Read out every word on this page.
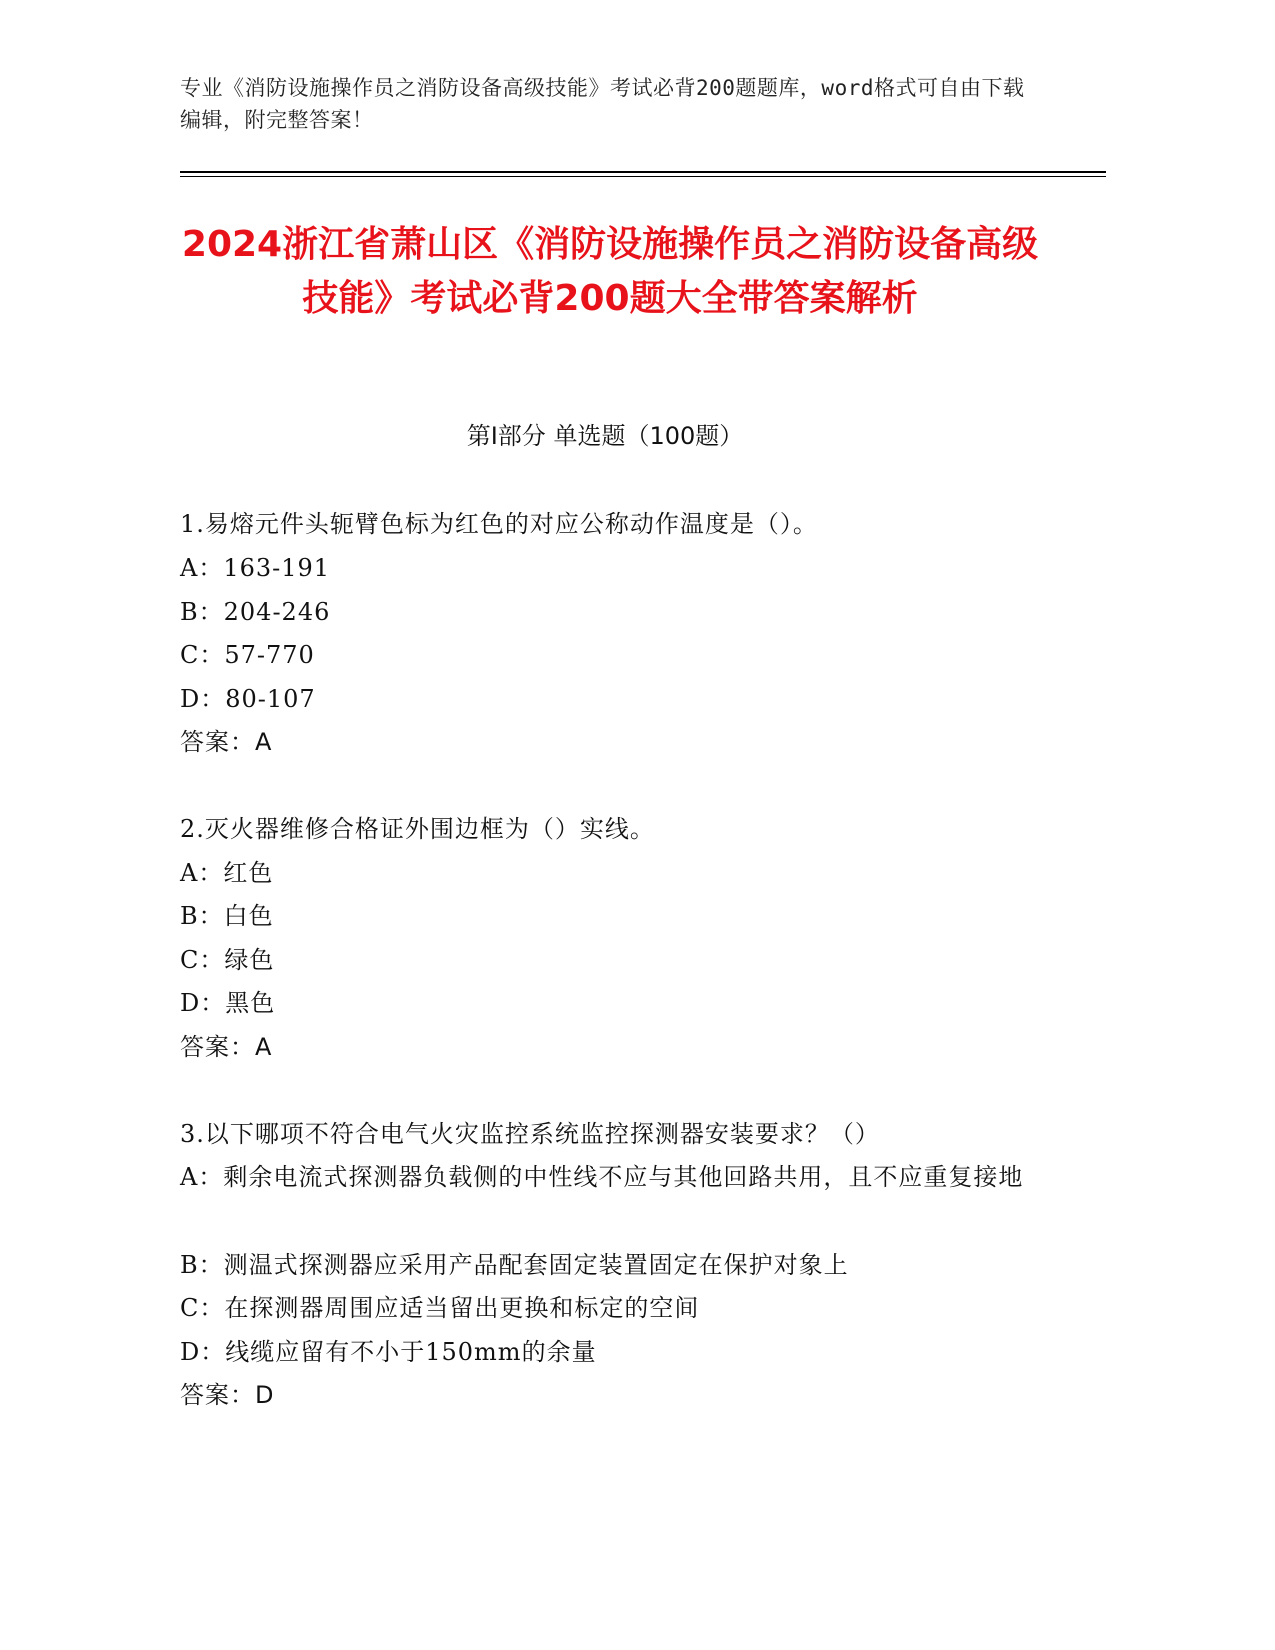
专业《消防设施操作员之消防设备高级技能》考试必背200题题库，word格式可自由下载编辑，附完整答案！
2024浙江省萧山区《消防设施操作员之消防设备高级技能》考试必背200题大全带答案解析
第Ⅰ部分 单选题（100题）
1.易熔元件头轭臂色标为红色的对应公称动作温度是（）。
A：163-191
B：204-246
C：57-770
D：80-107
答案：A
2.灭火器维修合格证外围边框为（）实线。
A：红色
B：白色
C：绿色
D：黑色
答案：A
3.以下哪项不符合电气火灾监控系统监控探测器安装要求？（）
A：剩余电流式探测器负载侧的中性线不应与其他回路共用，且不应重复接地
B：测温式探测器应采用产品配套固定装置固定在保护对象上
C：在探测器周围应适当留出更换和标定的空间
D：线缆应留有不小于150mm的余量
答案：D
